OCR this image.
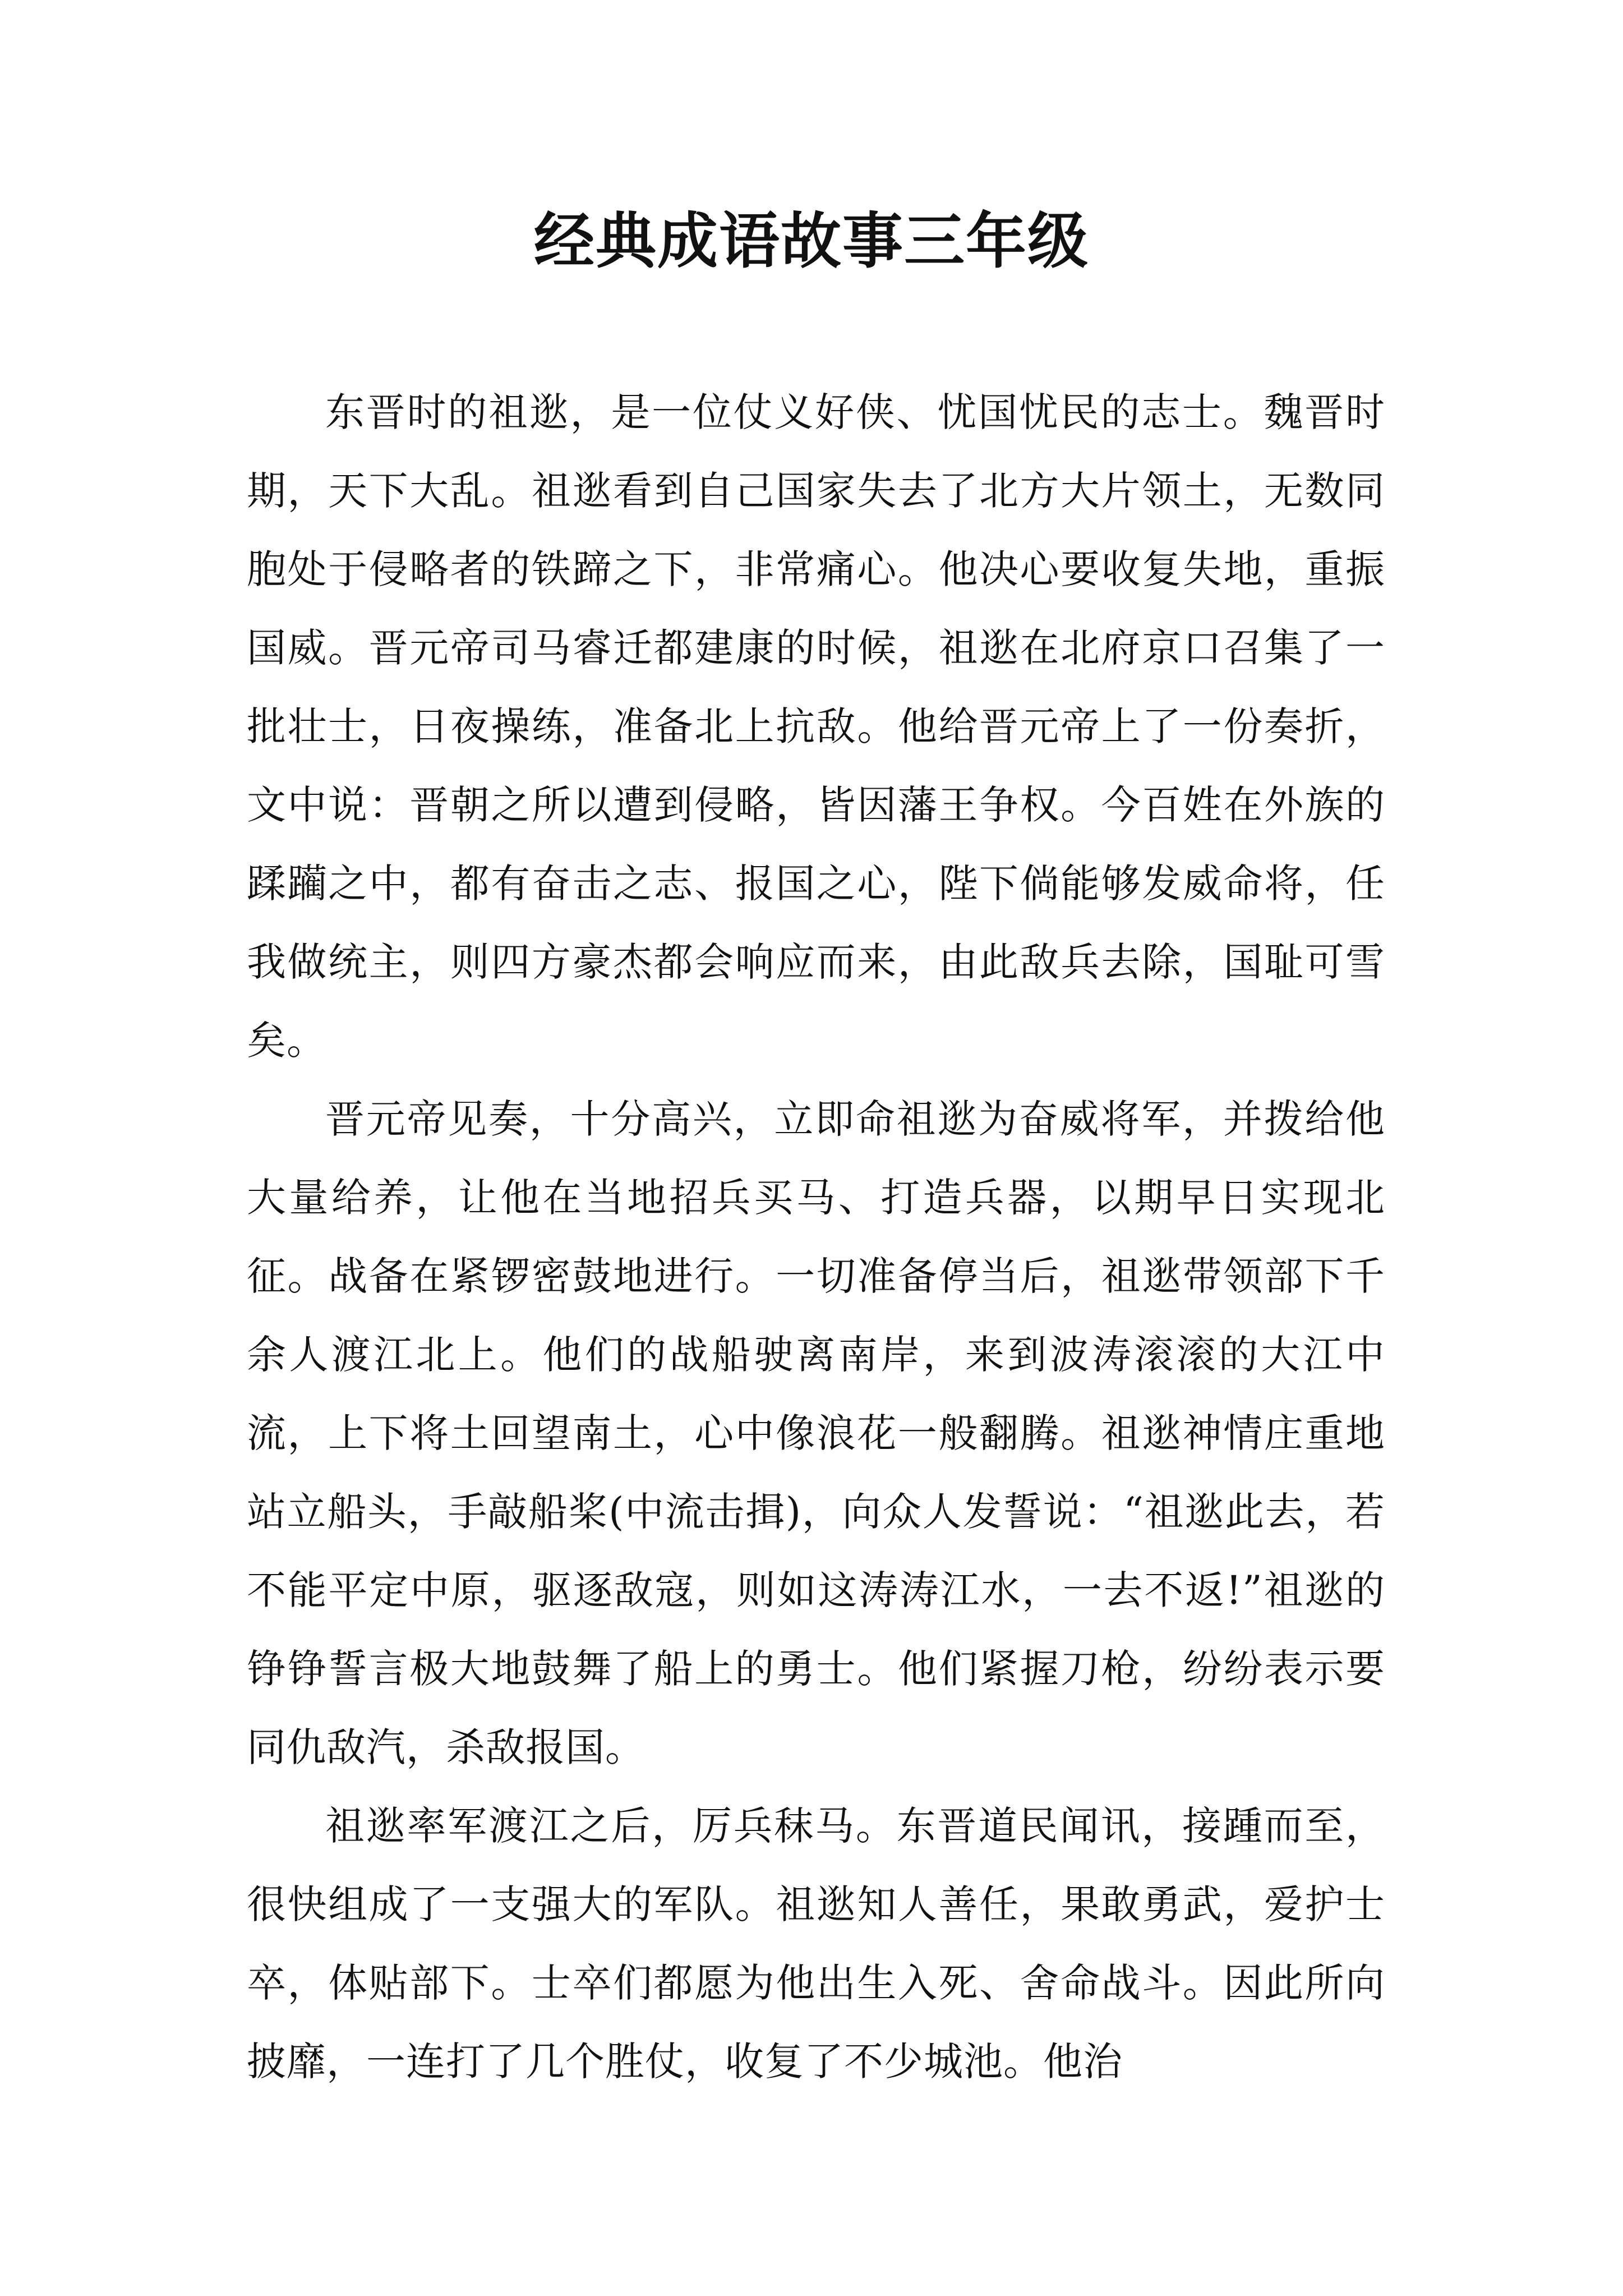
经典成语故事三年级

东晋时的祖逖，是一位仗义好侠、忧国忧民的志士。魏晋时期，天下大乱。祖逖看到自己国家失去了北方大片领土，无数同胞处于侵略者的铁蹄之下，非常痛心。他决心要收复失地，重振国威。晋元帝司马睿迁都建康的时候，祖逖在北府京口召集了一批壮士，日夜操练，准备北上抗敌。他给晋元帝上了一份奏折，文中说：晋朝之所以遭到侵略，皆因藩王争权。今百姓在外族的蹂躏之中，都有奋击之志、报国之心，陛下倘能够发威命将，任我做统主，则四方豪杰都会响应而来，由此敌兵去除，国耻可雪矣。

晋元帝见奏，十分高兴，立即命祖逖为奋威将军，并拨给他大量给养，让他在当地招兵买马、打造兵器，以期早日实现北征。战备在紧锣密鼓地进行。一切准备停当后，祖逖带领部下千余人渡江北上。他们的战船驶离南岸，来到波涛滚滚的大江中流，上下将土回望南土，心中像浪花一般翻腾。祖逖神情庄重地站立船头，手敲船桨(中流击揖)，向众人发誓说：“祖逖此去，若不能平定中原，驱逐敌寇，则如这涛涛江水，一去不返!”祖逖的铮铮誓言极大地鼓舞了船上的勇士。他们紧握刀枪，纷纷表示要同仇敌汽，杀敌报国。

祖逖率军渡江之后，厉兵秣马。东晋道民闻讯，接踵而至，很快组成了一支强大的军队。祖逖知人善任，果敢勇武，爱护士卒，体贴部下。士卒们都愿为他出生入死、舍命战斗。因此所向披靡，一连打了几个胜仗，收复了不少城池。他治
